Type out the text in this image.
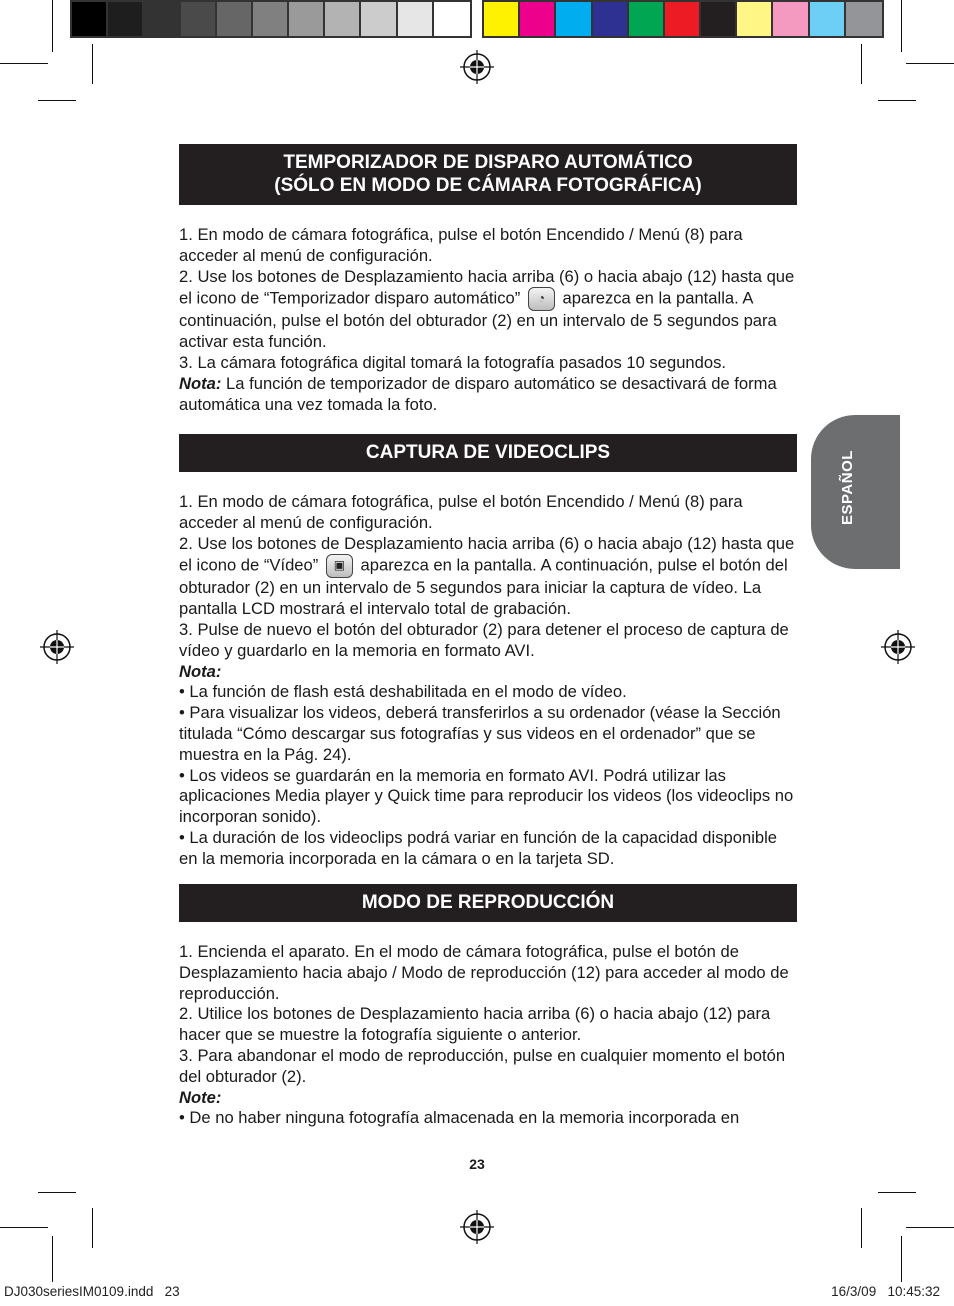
TEMPORIZADOR DE DISPARO AUTOMÁTICO
(SÓLO EN MODO DE CÁMARA FOTOGRÁFICA)

1. En modo de cámara fotográfica, pulse el botón Encendido / Menú (8) para acceder al menú de configuración.

2. Use los botones de Desplazamiento hacia arriba (6) o hacia abajo (12) hasta que el icono de “Temporizador disparo automático” ◔ aparezca en la pantalla. A continuación, pulse el botón del obturador (2) en un intervalo de 5 segundos para activar esta función.

3. La cámara fotográfica digital tomará la fotografía pasados 10 segundos.

Nota: La función de temporizador de disparo automático se desactivará de forma automática una vez tomada la foto.

CAPTURA DE VIDEOCLIPS

1. En modo de cámara fotográfica, pulse el botón Encendido / Menú (8) para acceder al menú de configuración.

2. Use los botones de Desplazamiento hacia arriba (6) o hacia abajo (12) hasta que el icono de “Vídeo” ▣ aparezca en la pantalla. A continuación, pulse el botón del obturador (2) en un intervalo de 5 segundos para iniciar la captura de vídeo. La pantalla LCD mostrará el intervalo total de grabación.

3. Pulse de nuevo el botón del obturador (2) para detener el proceso de captura de vídeo y guardarlo en la memoria en formato AVI.

Nota:

• La función de flash está deshabilitada en el modo de vídeo.

• Para visualizar los videos, deberá transferirlos a su ordenador (véase la Sección titulada “Cómo descargar sus fotografías y sus videos en el ordenador” que se muestra en la Pág. 24).

• Los videos se guardarán en la memoria en formato AVI. Podrá utilizar las aplicaciones Media player y Quick time para reproducir los videos (los videoclips no incorporan sonido).

• La duración de los videoclips podrá variar en función de la capacidad disponible en la memoria incorporada en la cámara o en la tarjeta SD.

MODO DE REPRODUCCIÓN

1. Encienda el aparato. En el modo de cámara fotográfica, pulse el botón de Desplazamiento hacia abajo / Modo de reproducción (12) para acceder al modo de reproducción.

2. Utilice los botones de Desplazamiento hacia arriba (6) o hacia abajo (12) para hacer que se muestre la fotografía siguiente o anterior.

3. Para abandonar el modo de reproducción, pulse en cualquier momento el botón del obturador (2).

Note:

• De no haber ninguna fotografía almacenada en la memoria incorporada en

ESPAÑOL
23
DJ030seriesIM0109.indd   23	16/3/09   10:45:32
